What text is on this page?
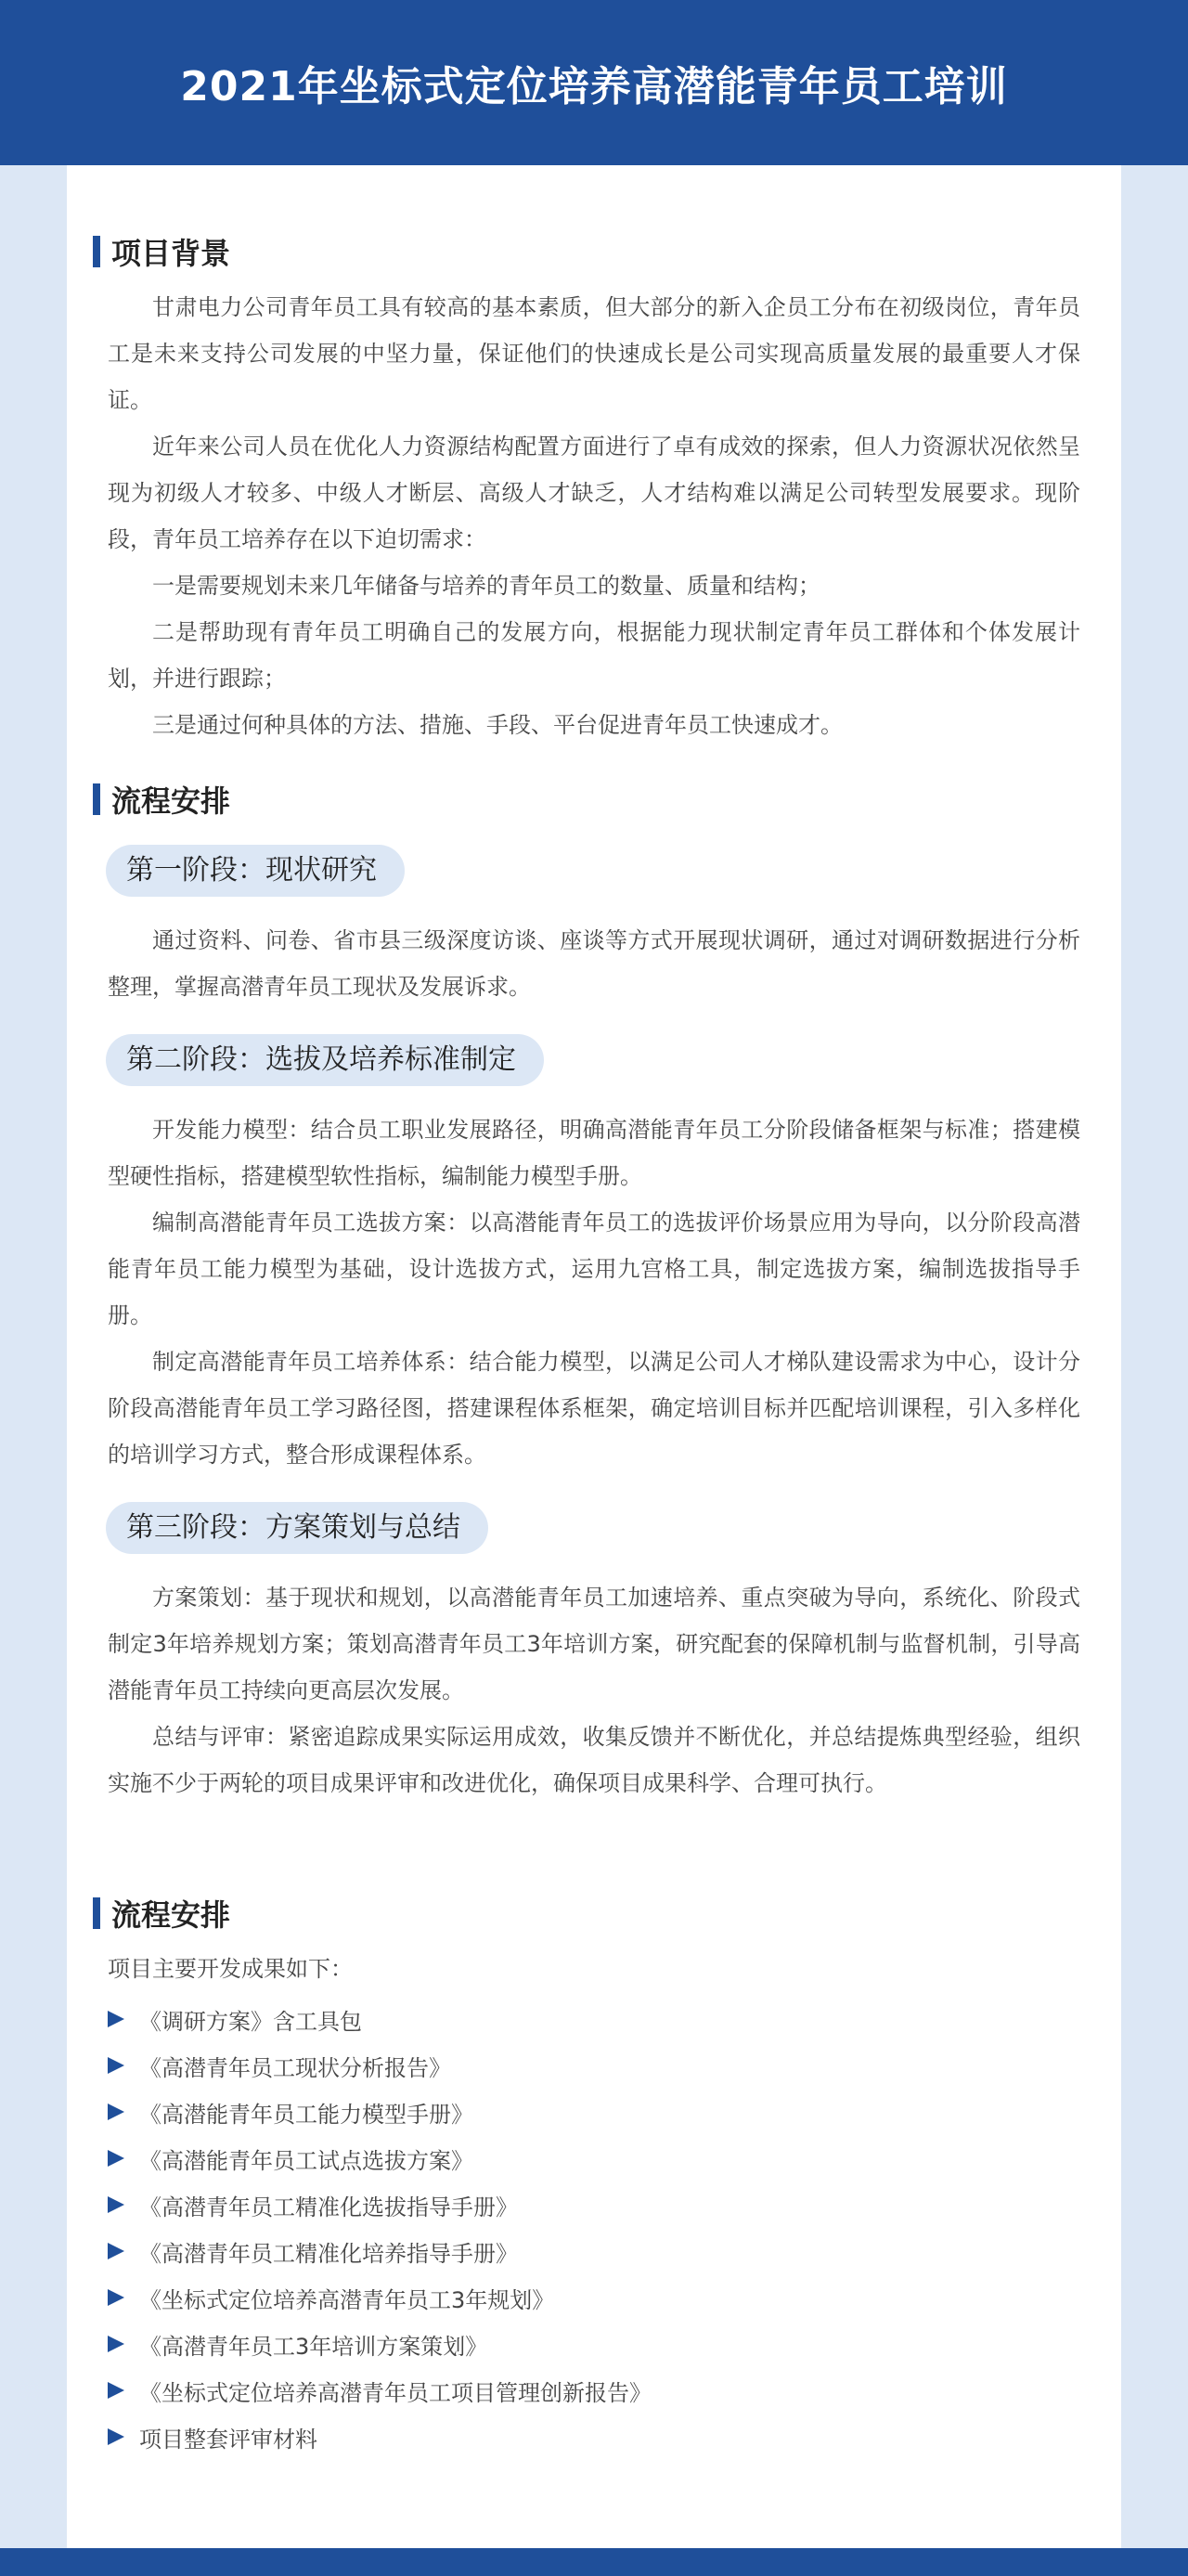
2021年坐标式定位培养高潜能青年员工培训
项目背景

甘肃电力公司青年员工具有较高的基本素质，但大部分的新入企员工分布在初级岗位，青年员工是未来支持公司发展的中坚力量，保证他们的快速成长是公司实现高质量发展的最重要人才保证。

近年来公司人员在优化人力资源结构配置方面进行了卓有成效的探索，但人力资源状况依然呈现为初级人才较多、中级人才断层、高级人才缺乏，人才结构难以满足公司转型发展要求。现阶段，青年员工培养存在以下迫切需求：

一是需要规划未来几年储备与培养的青年员工的数量、质量和结构；

二是帮助现有青年员工明确自己的发展方向，根据能力现状制定青年员工群体和个体发展计划，并进行跟踪；

三是通过何种具体的方法、措施、手段、平台促进青年员工快速成才。

流程安排
第一阶段：现状研究

通过资料、问卷、省市县三级深度访谈、座谈等方式开展现状调研，通过对调研数据进行分析整理，掌握高潜青年员工现状及发展诉求。

第二阶段：选拔及培养标准制定

开发能力模型：结合员工职业发展路径，明确高潜能青年员工分阶段储备框架与标准；搭建模型硬性指标，搭建模型软性指标，编制能力模型手册。

编制高潜能青年员工选拔方案：以高潜能青年员工的选拔评价场景应用为导向，以分阶段高潜能青年员工能力模型为基础，设计选拔方式，运用九宫格工具，制定选拔方案，编制选拔指导手册。

制定高潜能青年员工培养体系：结合能力模型，以满足公司人才梯队建设需求为中心，设计分阶段高潜能青年员工学习路径图，搭建课程体系框架，确定培训目标并匹配培训课程，引入多样化的培训学习方式，整合形成课程体系。

第三阶段：方案策划与总结

方案策划：基于现状和规划，以高潜能青年员工加速培养、重点突破为导向，系统化、阶段式制定3年培养规划方案；策划高潜青年员工3年培训方案，研究配套的保障机制与监督机制，引导高潜能青年员工持续向更高层次发展。

总结与评审：紧密追踪成果实际运用成效，收集反馈并不断优化，并总结提炼典型经验，组织实施不少于两轮的项目成果评审和改进优化，确保项目成果科学、合理可执行。

流程安排

项目主要开发成果如下：

《调研方案》含工具包
《高潜青年员工现状分析报告》
《高潜能青年员工能力模型手册》
《高潜能青年员工试点选拔方案》
《高潜青年员工精准化选拔指导手册》
《高潜青年员工精准化培养指导手册》
《坐标式定位培养高潜青年员工3年规划》
《高潜青年员工3年培训方案策划》
《坐标式定位培养高潜青年员工项目管理创新报告》
项目整套评审材料
